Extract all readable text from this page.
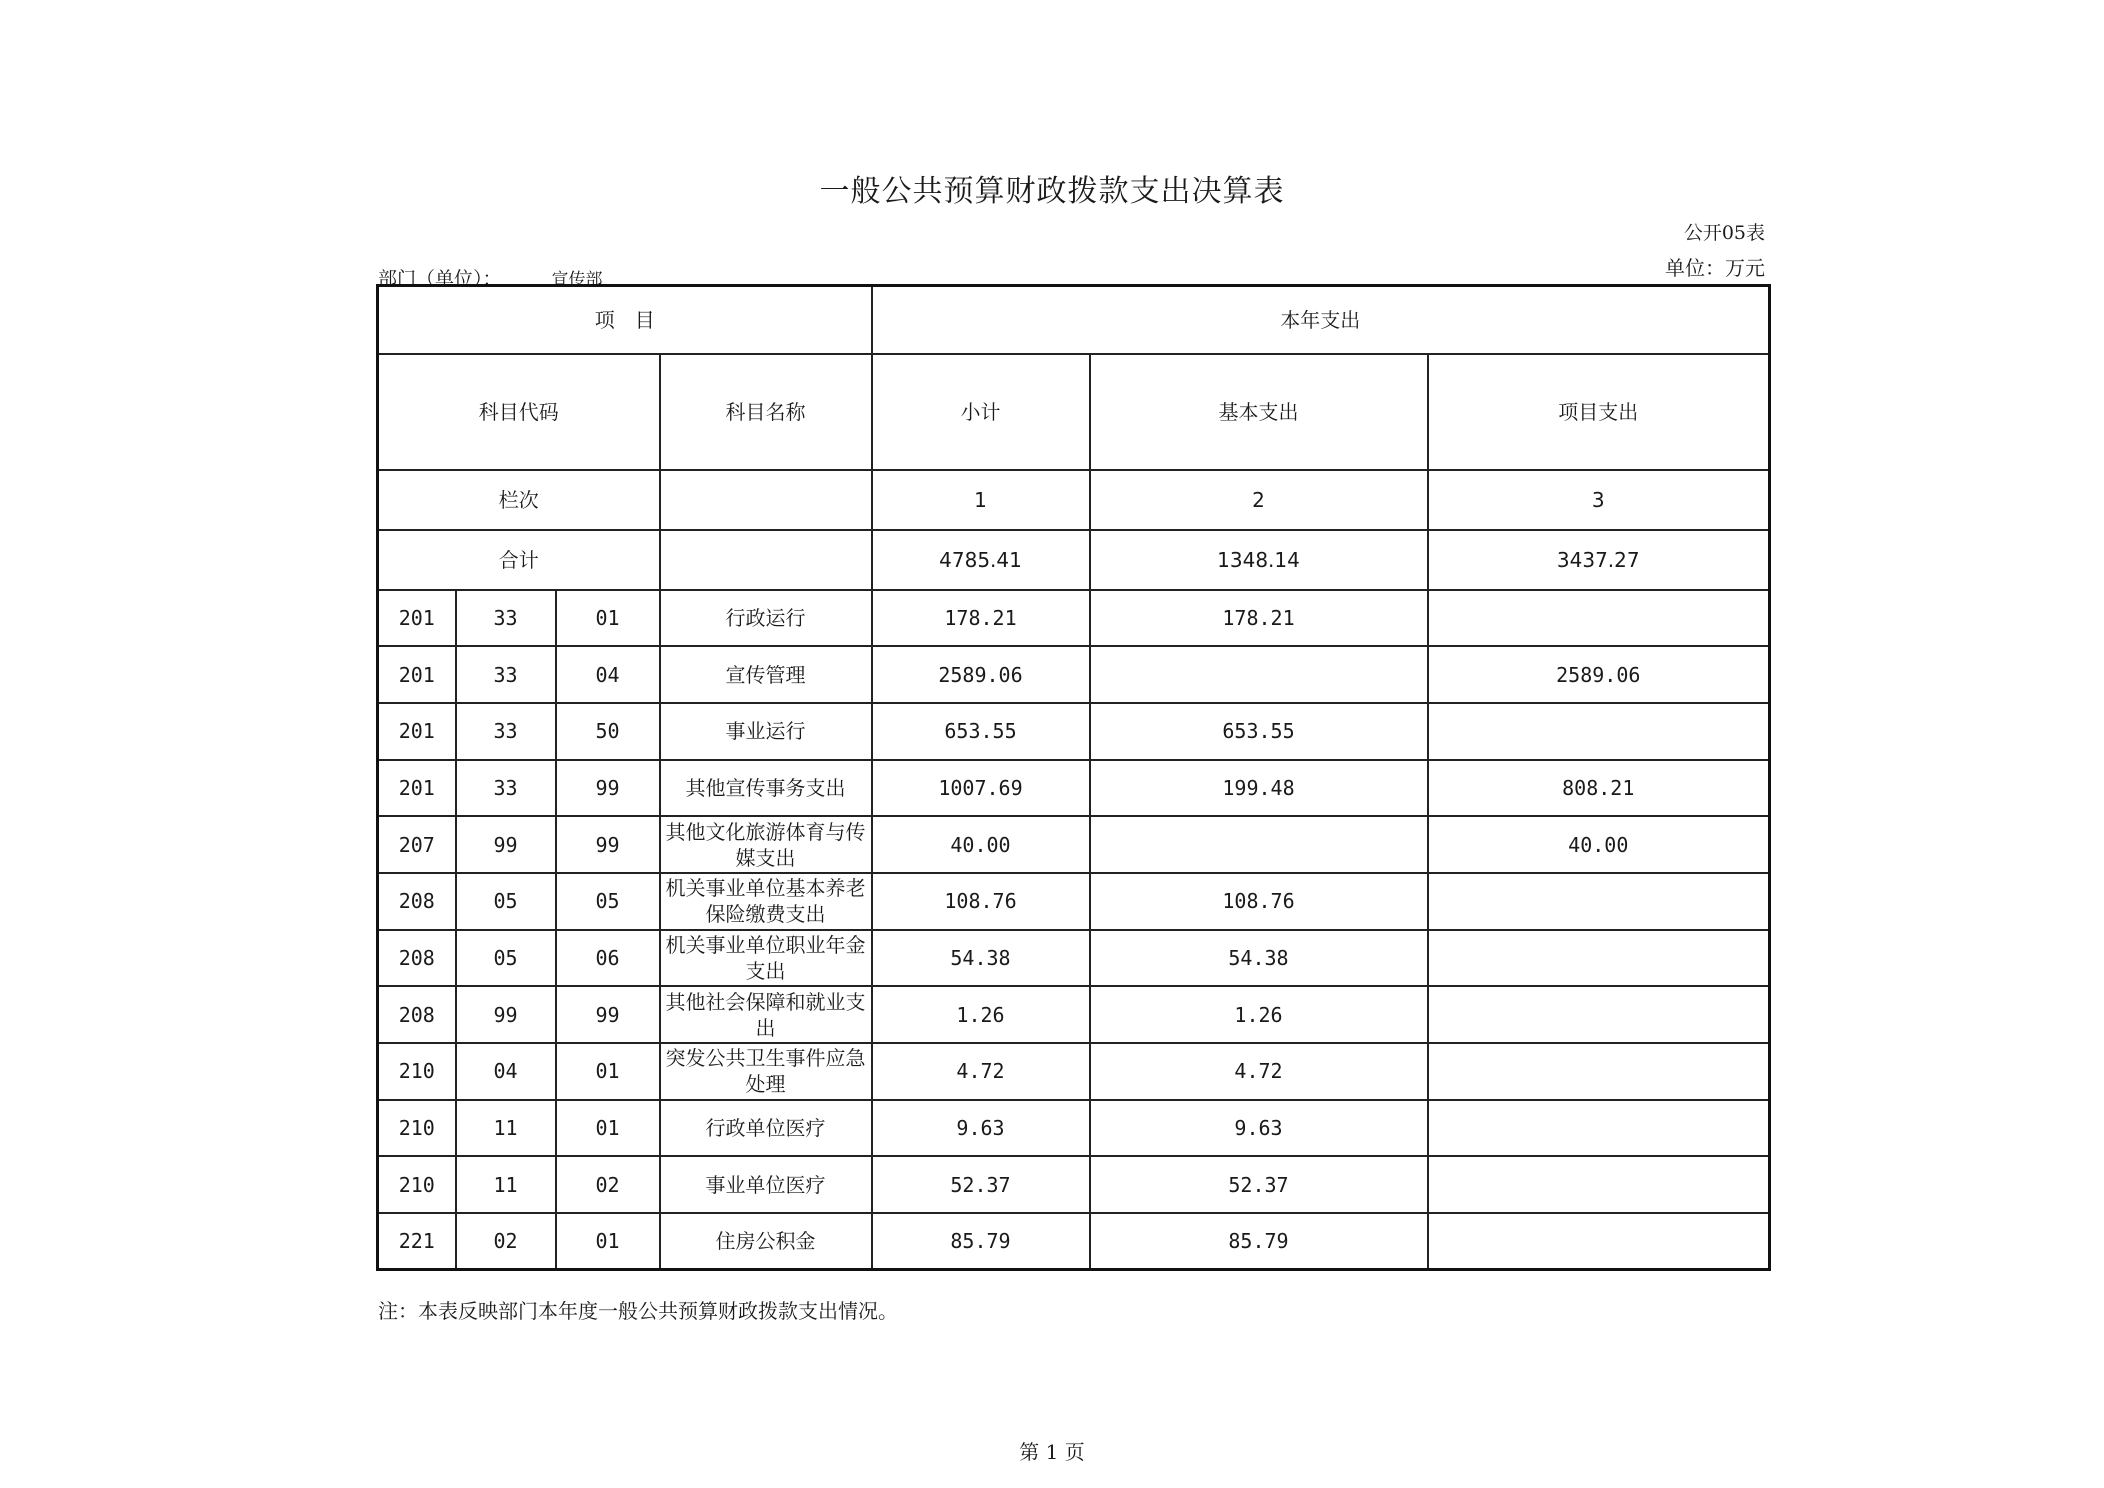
一般公共预算财政拨款支出决算表
公开05表
单位：万元
部门（单位）：	宣传部
项　目				本年支出		
科目代码			科目名称	小计	基本支出	项目支出
栏次				1	2	3
合计				4785.41	1348.14	3437.27
201	33	01	行政运行	178.21	178.21	
201	33	04	宣传管理	2589.06		2589.06
201	33	50	事业运行	653.55	653.55	
201	33	99	其他宣传事务支出	1007.69	199.48	808.21
207	99	99	其他文化旅游体育与传媒支出	40.00		40.00
208	05	05	机关事业单位基本养老保险缴费支出	108.76	108.76	
208	05	06	机关事业单位职业年金支出	54.38	54.38	
208	99	99	其他社会保障和就业支出	1.26	1.26	
210	04	01	突发公共卫生事件应急处理	4.72	4.72	
210	11	01	行政单位医疗	9.63	9.63	
210	11	02	事业单位医疗	52.37	52.37	
221	02	01	住房公积金	85.79	85.79	
注：本表反映部门本年度一般公共预算财政拨款支出情况。
第 1 页
